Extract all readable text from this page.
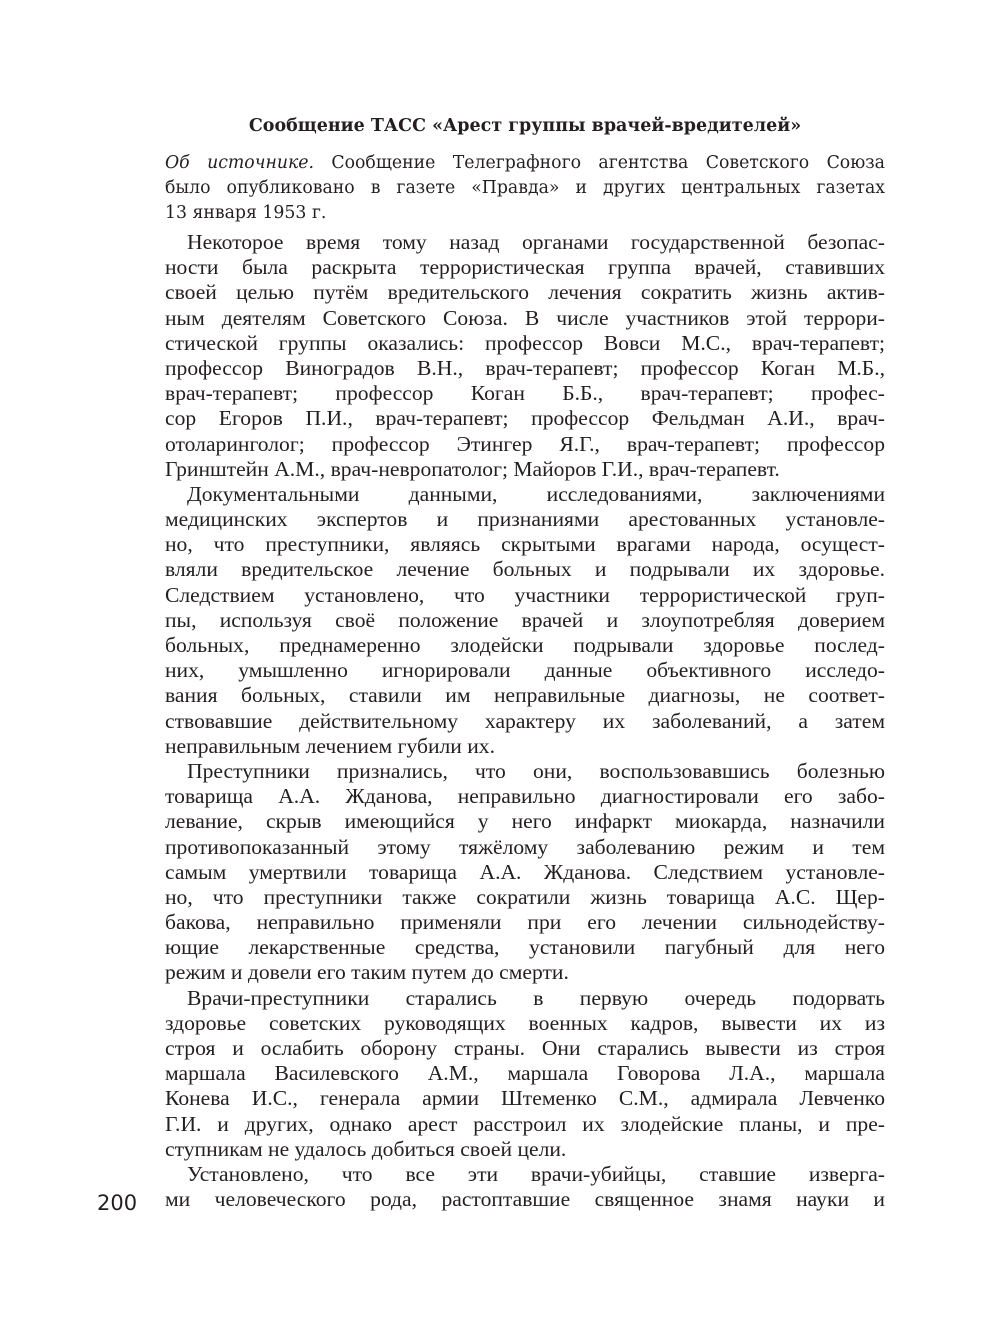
Сообщение ТАСС «Арест группы врачей-вредителей»
Об источнике. Сообщение Телеграфного агентства Советского Союза
было опубликовано в газете «Правда» и других центральных газетах
13 января 1953 г.
Некоторое время тому назад органами государственной безопас-
ности была раскрыта террористическая группа врачей, ставивших
своей целью путём вредительского лечения сократить жизнь актив-
ным деятелям Советского Союза. В числе участников этой террори-
стической группы оказались: профессор Вовси М.С., врач-терапевт;
профессор Виноградов В.Н., врач-терапевт; профессор Коган М.Б.,
врач-терапевт; профессор Коган Б.Б., врач-терапевт; профес-
сор Егоров П.И., врач-терапевт; профессор Фельдман А.И., врач-
отоларинголог; профессор Этингер Я.Г., врач-терапевт; профессор
Гринштейн А.М., врач-невропатолог; Майоров Г.И., врач-терапевт.
Документальными данными, исследованиями, заключениями
медицинских экспертов и признаниями арестованных установле-
но, что преступники, являясь скрытыми врагами народа, осущест-
вляли вредительское лечение больных и подрывали их здоровье.
Следствием установлено, что участники террористической груп-
пы, используя своё положение врачей и злоупотребляя доверием
больных, преднамеренно злодейски подрывали здоровье послед-
них, умышленно игнорировали данные объективного исследо-
вания больных, ставили им неправильные диагнозы, не соответ-
ствовавшие действительному характеру их заболеваний, а затем
неправильным лечением губили их.
Преступники признались, что они, воспользовавшись болезнью
товарища А.А. Жданова, неправильно диагностировали его забо-
левание, скрыв имеющийся у него инфаркт миокарда, назначили
противопоказанный этому тяжёлому заболеванию режим и тем
самым умертвили товарища А.А. Жданова. Следствием установле-
но, что преступники также сократили жизнь товарища А.С. Щер-
бакова, неправильно применяли при его лечении сильнодейству-
ющие лекарственные средства, установили пагубный для него
режим и довели его таким путем до смерти.
Врачи-преступники старались в первую очередь подорвать
здоровье советских руководящих военных кадров, вывести их из
строя и ослабить оборону страны. Они старались вывести из строя
маршала Василевского А.М., маршала Говорова Л.А., маршала
Конева И.С., генерала армии Штеменко С.М., адмирала Левченко
Г.И. и других, однако арест расстроил их злодейские планы, и пре-
ступникам не удалось добиться своей цели.
Установлено, что все эти врачи-убийцы, ставшие изверга-
ми человеческого рода, растоптавшие священное знамя науки и
200
